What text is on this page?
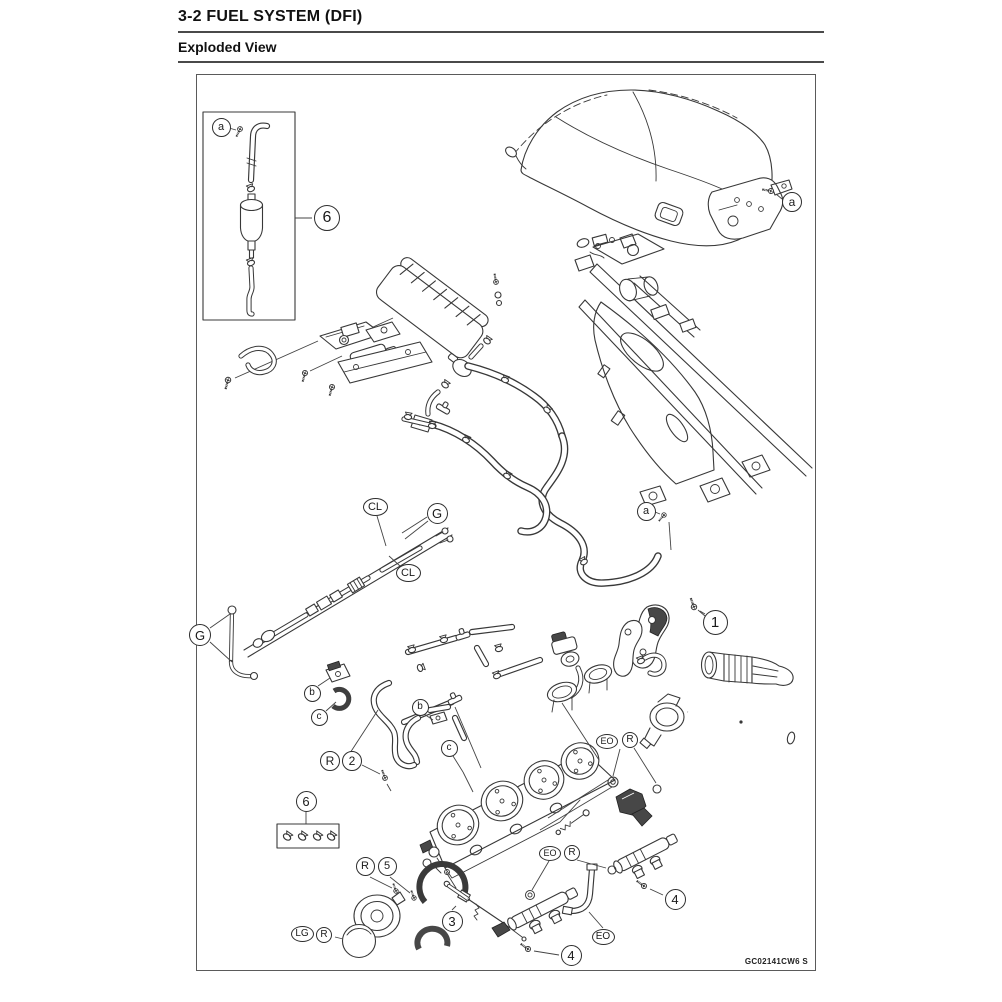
3-2 FUEL SYSTEM (DFI)
Exploded View
a
6
a
CL	G
CL
G
a
1
b
c
b
c
EO R
R 2
6
R 5
3
LG R
EO R
4
EO
4	GC02141CW6 S
